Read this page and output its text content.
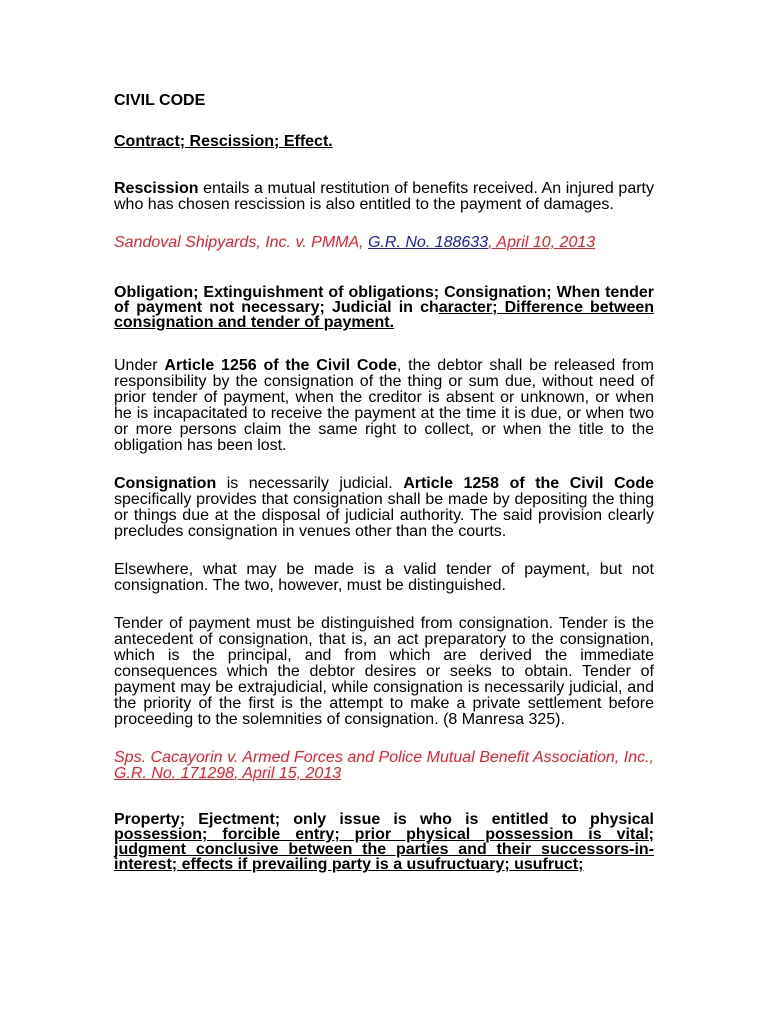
CIVIL CODE
Contract; Rescission; Effect.

Rescission entails a mutual restitution of benefits received. An injured party who has chosen rescission is also entitled to the payment of damages.

Sandoval Shipyards, Inc. v. PMMA, G.R. No. 188633, April 10, 2013
Obligation; Extinguishment of obligations; Consignation; When tender of payment not necessary; Judicial in character; Difference between consignation and tender of payment.

Under Article 1256 of the Civil Code, the debtor shall be released from responsibility by the consignation of the thing or sum due, without need of prior tender of payment, when the creditor is absent or unknown, or when he is incapacitated to receive the payment at the time it is due, or when two or more persons claim the same right to collect, or when the title to the obligation has been lost.

Consignation is necessarily judicial. Article 1258 of the Civil Code specifically provides that consignation shall be made by depositing the thing or things due at the disposal of judicial authority. The said provision clearly precludes consignation in venues other than the courts.

Elsewhere, what may be made is a valid tender of payment, but not consignation. The two, however, must be distinguished.

Tender of payment must be distinguished from consignation. Tender is the antecedent of consignation, that is, an act preparatory to the consignation, which is the principal, and from which are derived the immediate consequences which the debtor desires or seeks to obtain. Tender of payment may be extrajudicial, while consignation is necessarily judicial, and the priority of the first is the attempt to make a private settlement before proceeding to the solemnities of consignation. (8 Manresa 325).

Sps. Cacayorin v. Armed Forces and Police Mutual Benefit Association, Inc., G.R. No. 171298, April 15, 2013
Property; Ejectment; only issue is who is entitled to physical possession; forcible entry; prior physical possession is vital; judgment conclusive between the parties and their successors-in-interest; effects if prevailing party is a usufructuary; usufruct;
